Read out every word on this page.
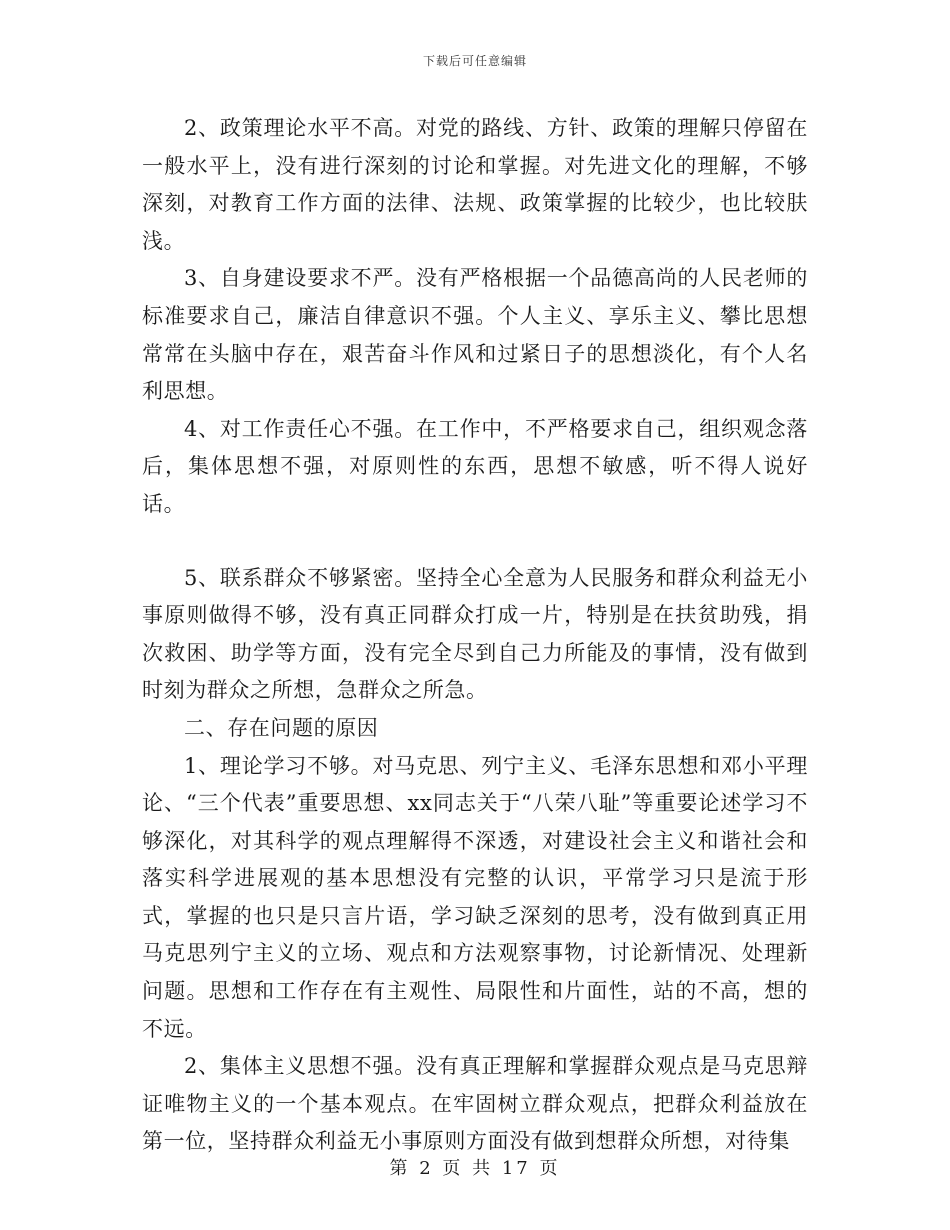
下载后可任意编辑

2、政策理论水平不高。对党的路线、方针、政策的理解只停留在一般水平上，没有进行深刻的讨论和掌握。对先进文化的理解，不够深刻，对教育工作方面的法律、法规、政策掌握的比较少，也比较肤浅。

3、自身建设要求不严。没有严格根据一个品德高尚的人民老师的标准要求自己，廉洁自律意识不强。个人主义、享乐主义、攀比思想常常在头脑中存在，艰苦奋斗作风和过紧日子的思想淡化，有个人名利思想。

4、对工作责任心不强。在工作中，不严格要求自己，组织观念落后，集体思想不强，对原则性的东西，思想不敏感，听不得人说好话。

5、联系群众不够紧密。坚持全心全意为人民服务和群众利益无小事原则做得不够，没有真正同群众打成一片，特别是在扶贫助残，捐次救困、助学等方面，没有完全尽到自己力所能及的事情，没有做到时刻为群众之所想，急群众之所急。

二、存在问题的原因

1、理论学习不够。对马克思、列宁主义、毛泽东思想和邓小平理论、“三个代表”重要思想、xx同志关于“八荣八耻”等重要论述学习不够深化，对其科学的观点理解得不深透，对建设社会主义和谐社会和落实科学进展观的基本思想没有完整的认识，平常学习只是流于形式，掌握的也只是只言片语，学习缺乏深刻的思考，没有做到真正用马克思列宁主义的立场、观点和方法观察事物，讨论新情况、处理新问题。思想和工作存在有主观性、局限性和片面性，站的不高，想的不远。

2、集体主义思想不强。没有真正理解和掌握群众观点是马克思辩证唯物主义的一个基本观点。在牢固树立群众观点，把群众利益放在第一位，坚持群众利益无小事原则方面没有做到想群众所想，对待集

第 2 页 共 17 页
